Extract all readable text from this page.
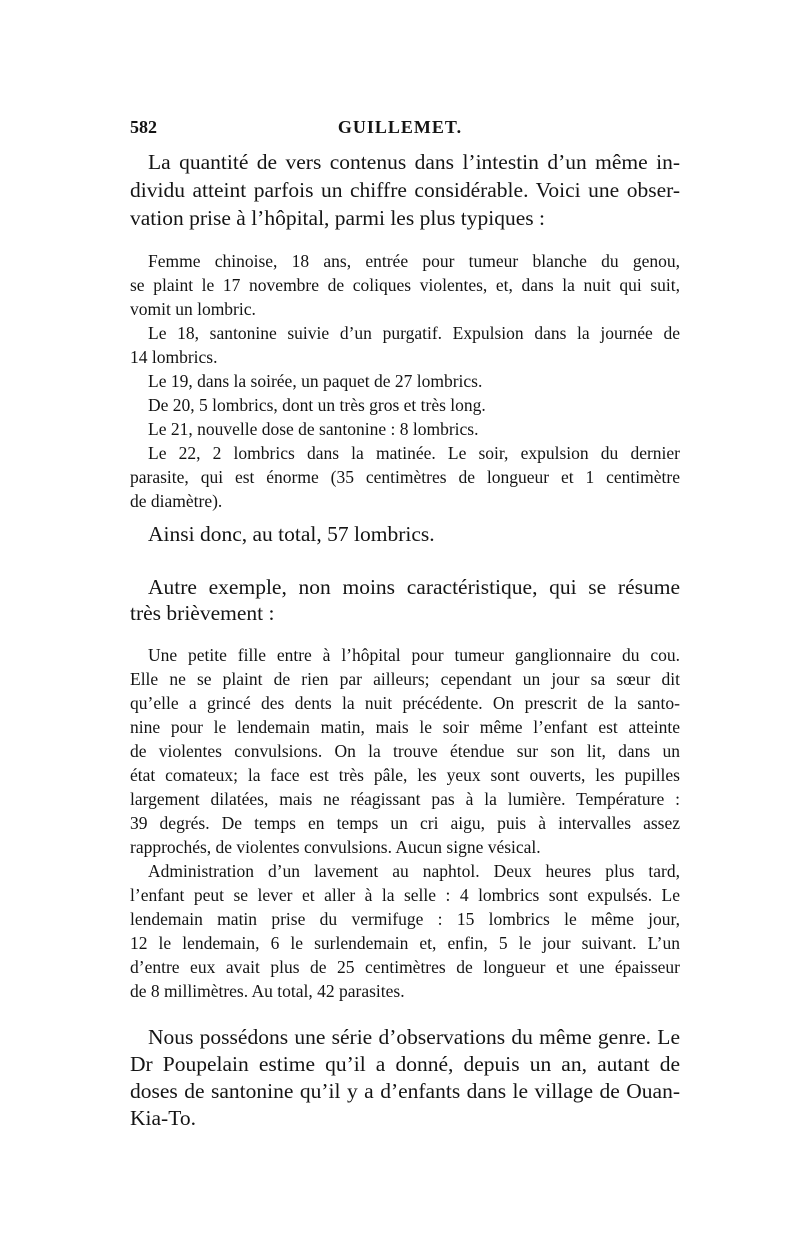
582	GUILLEMET.
La quantité de vers contenus dans l’intestin d’un même in-
dividu atteint parfois un chiffre considérable. Voici une obser-
vation prise à l’hôpital, parmi les plus typiques :
Femme chinoise, 18 ans, entrée pour tumeur blanche du genou,
se plaint le 17 novembre de coliques violentes, et, dans la nuit qui suit,
vomit un lombric.
Le 18, santonine suivie d’un purgatif. Expulsion dans la journée de
14 lombrics.
Le 19, dans la soirée, un paquet de 27 lombrics.
De 20, 5 lombrics, dont un très gros et très long.
Le 21, nouvelle dose de santonine : 8 lombrics.
Le 22, 2 lombrics dans la matinée. Le soir, expulsion du dernier
parasite, qui est énorme (35 centimètres de longueur et 1 centimètre
de diamètre).
Ainsi donc, au total, 57 lombrics.
Autre exemple, non moins caractéristique, qui se résume
très brièvement :
Une petite fille entre à l’hôpital pour tumeur ganglionnaire du cou.
Elle ne se plaint de rien par ailleurs; cependant un jour sa sœur dit
qu’elle a grincé des dents la nuit précédente. On prescrit de la santo-
nine pour le lendemain matin, mais le soir même l’enfant est atteinte
de violentes convulsions. On la trouve étendue sur son lit, dans un
état comateux; la face est très pâle, les yeux sont ouverts, les pupilles
largement dilatées, mais ne réagissant pas à la lumière. Température :
39 degrés. De temps en temps un cri aigu, puis à intervalles assez
rapprochés, de violentes convulsions. Aucun signe vésical.
Administration d’un lavement au naphtol. Deux heures plus tard,
l’enfant peut se lever et aller à la selle : 4 lombrics sont expulsés. Le
lendemain matin prise du vermifuge : 15 lombrics le même jour,
12 le lendemain, 6 le surlendemain et, enfin, 5 le jour suivant. L’un
d’entre eux avait plus de 25 centimètres de longueur et une épaisseur
de 8 millimètres. Au total, 42 parasites.
Nous possédons une série d’observations du même genre. Le
Dr Poupelain estime qu’il a donné, depuis un an, autant de
doses de santonine qu’il y a d’enfants dans le village de Ouan-
Kia-To.
